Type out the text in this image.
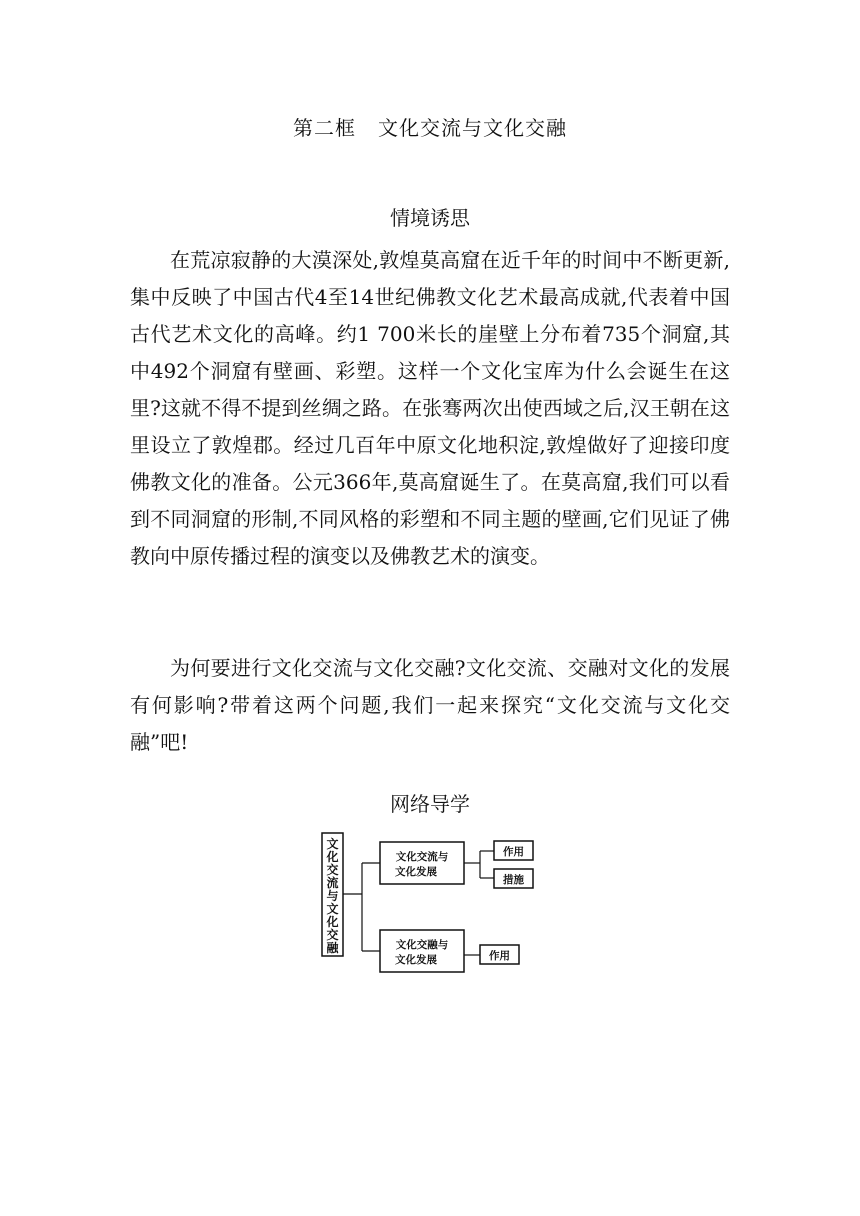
第二框 文化交流与文化交融
情境诱思

在荒凉寂静的大漠深处,敦煌莫高窟在近千年的时间中不断更新,集中反映了中国古代4至14世纪佛教文化艺术最高成就,代表着中国古代艺术文化的高峰。约1 700米长的崖壁上分布着735个洞窟,其中492个洞窟有壁画、彩塑。这样一个文化宝库为什么会诞生在这里?这就不得不提到丝绸之路。在张骞两次出使西域之后,汉王朝在这里设立了敦煌郡。经过几百年中原文化地积淀,敦煌做好了迎接印度佛教文化的准备。公元366年,莫高窟诞生了。在莫高窟,我们可以看到不同洞窟的形制,不同风格的彩塑和不同主题的壁画,它们见证了佛教向中原传播过程的演变以及佛教艺术的演变。

为何要进行文化交流与文化交融?文化交流、交融对文化的发展有何影响?带着这两个问题,我们一起来探究“文化交流与文化交融”吧!

网络导学
文
化
交
流
与
文
化
交
融
文化交流与
文化发展
作用
措施
文化交融与
文化发展	作用
